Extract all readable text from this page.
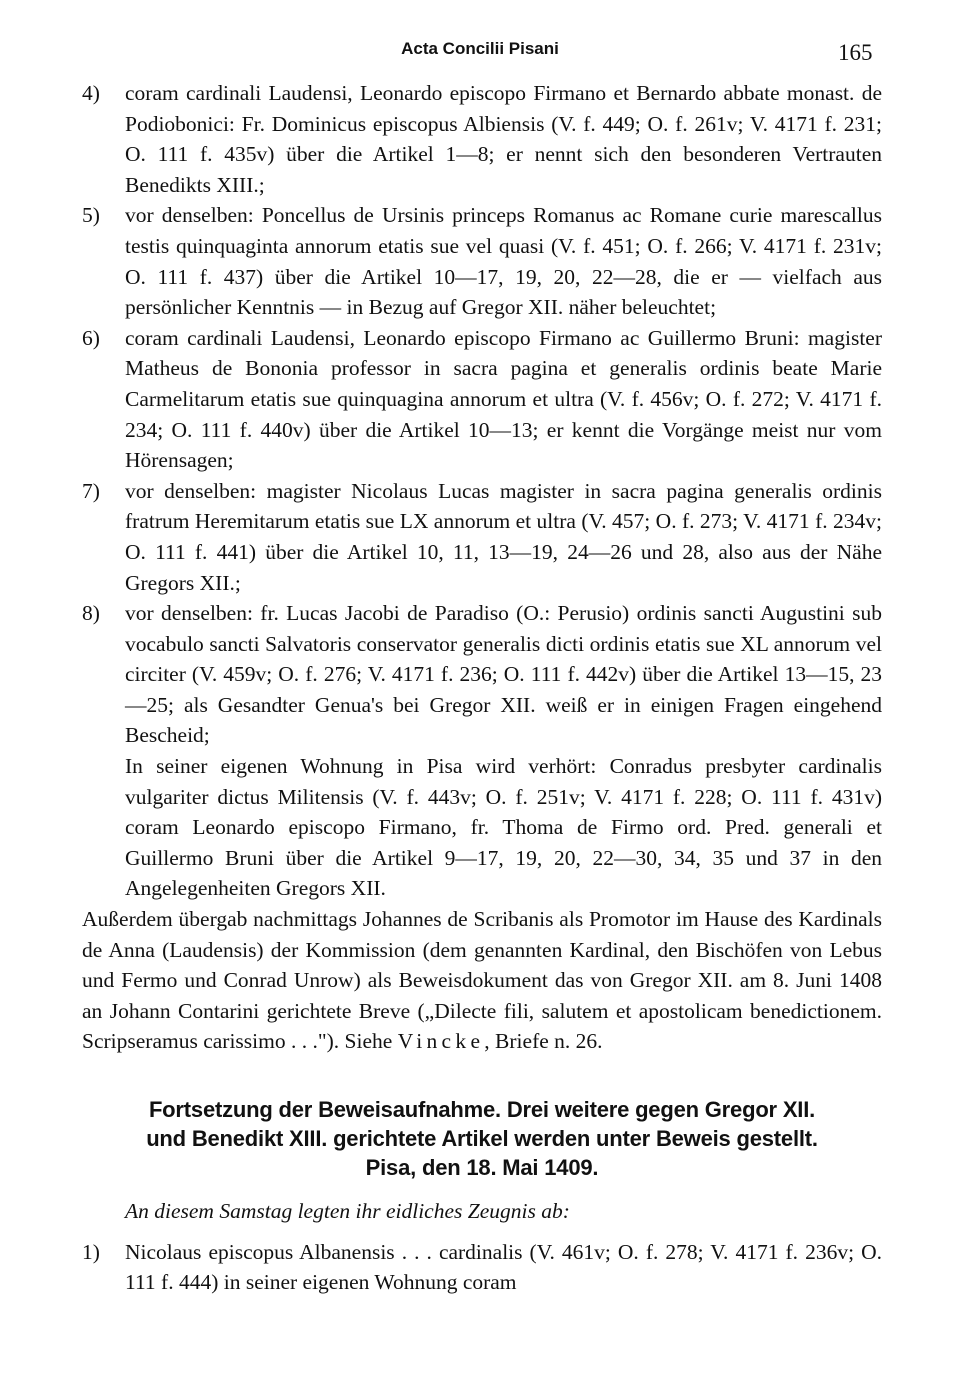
Acta Concilii Pisani	165
4) coram cardinali Laudensi, Leonardo episcopo Firmano et Bernardo abbate monast. de Podiobonici: Fr. Dominicus episcopus Albiensis (V. f. 449; O. f. 261v; V. 4171 f. 231; O. 111 f. 435v) über die Artikel 1—8; er nennt sich den besonderen Vertrauten Benedikts XIII.;
5) vor denselben: Poncellus de Ursinis princeps Romanus ac Romane curie marescallus testis quinquaginta annorum etatis sue vel quasi (V. f. 451; O. f. 266; V. 4171 f. 231v; O. 111 f. 437) über die Artikel 10—17, 19, 20, 22—28, die er — vielfach aus persönlicher Kenntnis — in Bezug auf Gregor XII. näher beleuchtet;
6) coram cardinali Laudensi, Leonardo episcopo Firmano ac Guillermo Bruni: magister Matheus de Bononia professor in sacra pagina et generalis ordinis beate Marie Carmelitarum etatis sue quinquagina annorum et ultra (V. f. 456v; O. f. 272; V. 4171 f. 234; O. 111 f. 440v) über die Artikel 10—13; er kennt die Vorgänge meist nur vom Hörensagen;
7) vor denselben: magister Nicolaus Lucas magister in sacra pagina generalis ordinis fratrum Heremitarum etatis sue LX annorum et ultra (V. 457; O. f. 273; V. 4171 f. 234v; O. 111 f. 441) über die Artikel 10, 11, 13—19, 24—26 und 28, also aus der Nähe Gregors XII.;
8) vor denselben: fr. Lucas Jacobi de Paradiso (O.: Perusio) ordinis sancti Augustini sub vocabulo sancti Salvatoris conservator generalis dicti ordinis etatis sue XL annorum vel circiter (V. 459v; O. f. 276; V. 4171 f. 236; O. 111 f. 442v) über die Artikel 13—15, 23—25; als Gesandter Genua's bei Gregor XII. weiß er in einigen Fragen eingehend Bescheid;
In seiner eigenen Wohnung in Pisa wird verhört: Conradus presbyter cardinalis vulgariter dictus Militensis (V. f. 443v; O. f. 251v; V. 4171 f. 228; O. 111 f. 431v) coram Leonardo episcopo Firmano, fr. Thoma de Firmo ord. Pred. generali et Guillermo Bruni über die Artikel 9—17, 19, 20, 22—30, 34, 35 und 37 in den Angelegenheiten Gregors XII.
Außerdem übergab nachmittags Johannes de Scribanis als Promotor im Hause des Kardinals de Anna (Laudensis) der Kommission (dem genannten Kardinal, den Bischöfen von Lebus und Fermo und Conrad Unrow) als Beweisdokument das von Gregor XII. am 8. Juni 1408 an Johann Contarini gerichtete Breve („Dilecte fili, salutem et apostolicam benedictionem. Scripseramus carissimo . . ."). Siehe Vincke, Briefe n. 26.
Fortsetzung der Beweisaufnahme. Drei weitere gegen Gregor XII.
und Benedikt XIII. gerichtete Artikel werden unter Beweis gestellt.
Pisa, den 18. Mai 1409.
An diesem Samstag legten ihr eidliches Zeugnis ab:
1) Nicolaus episcopus Albanensis . . . cardinalis (V. 461v; O. f. 278; V. 4171 f. 236v; O. 111 f. 444) in seiner eigenen Wohnung coram
